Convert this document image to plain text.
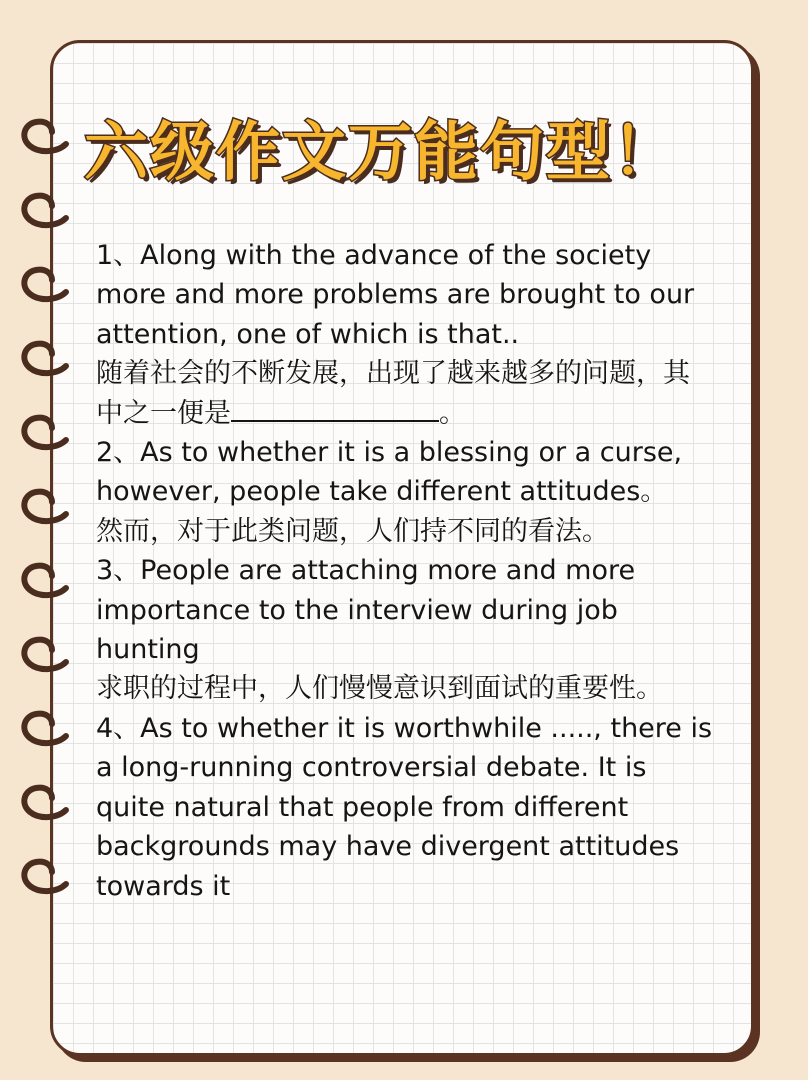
六级作文万能句型！

1、Along with the advance of the society more and more problems are brought to our attention, one of which is that..

随着社会的不断发展，出现了越来越多的问题，其中之一便是	。

2、As to whether it is a blessing or a curse, however, people take different attitudes。

然而，对于此类问题，人们持不同的看法。

3、People are attaching more and more importance to the interview during job hunting

求职的过程中，人们慢慢意识到面试的重要性。

4、As to whether it is worthwhile ....., there is a long-running controversial debate. It is quite natural that people from different backgrounds may have divergent attitudes towards it
